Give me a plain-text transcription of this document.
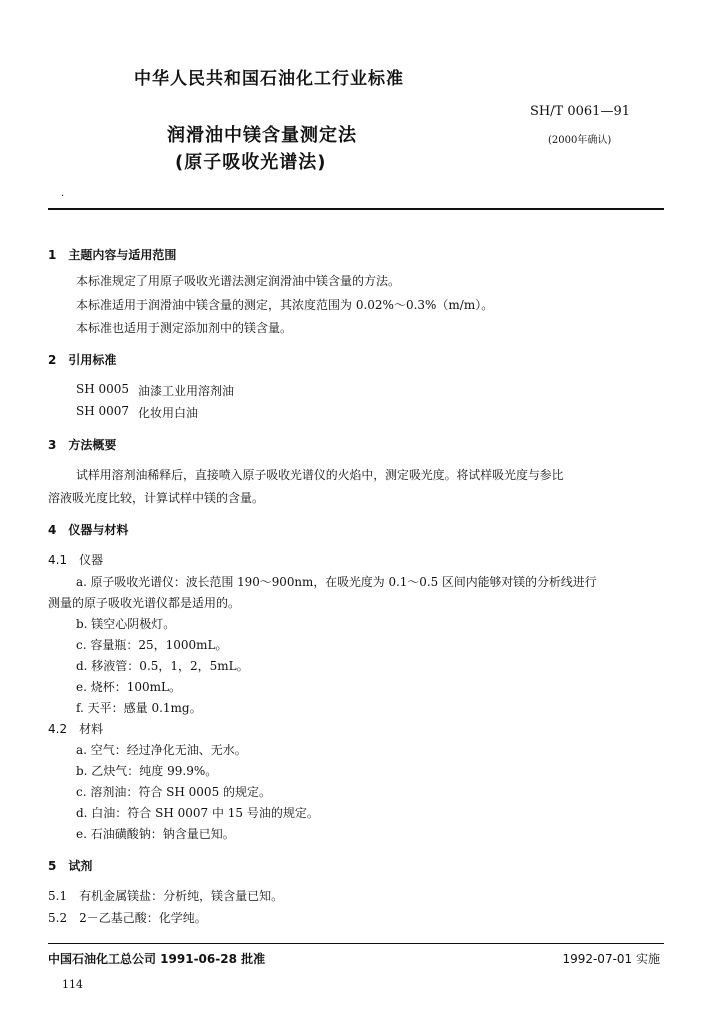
中华人民共和国石油化工行业标准
SH/T 0061—91
(2000年确认)
润滑油中镁含量测定法
(原子吸收光谱法)
·
1　主题内容与适用范围
本标准规定了用原子吸收光谱法测定润滑油中镁含量的方法。
本标准适用于润滑油中镁含量的测定，其浓度范围为 0.02%～0.3%（m/m）。
本标准也适用于测定添加剂中的镁含量。
2　引用标准
SH 0005 油漆工业用溶剂油
SH 0007 化妆用白油
3　方法概要
试样用溶剂油稀释后，直接喷入原子吸收光谱仪的火焰中，测定吸光度。将试样吸光度与参比
溶液吸光度比较，计算试样中镁的含量。
4　仪器与材料
4.1　仪器
a. 原子吸收光谱仪：波长范围 190～900nm，在吸光度为 0.1～0.5 区间内能够对镁的分析线进行
测量的原子吸收光谱仪都是适用的。
b. 镁空心阴极灯。
c. 容量瓶：25，1000mL。
d. 移液管：0.5，1，2，5mL。
e. 烧杯：100mL。
f. 天平：感量 0.1mg。
4.2　材料
a. 空气：经过净化无油、无水。
b. 乙炔气：纯度 99.9%。
c. 溶剂油：符合 SH 0005 的规定。
d. 白油：符合 SH 0007 中 15 号油的规定。
e. 石油磺酸钠：钠含量已知。
5　试剂
5.1　有机金属镁盐：分析纯，镁含量已知。
5.2　2－乙基己酸：化学纯。
中国石油化工总公司 1991-06-28 批准	1992-07-01 实施
114
